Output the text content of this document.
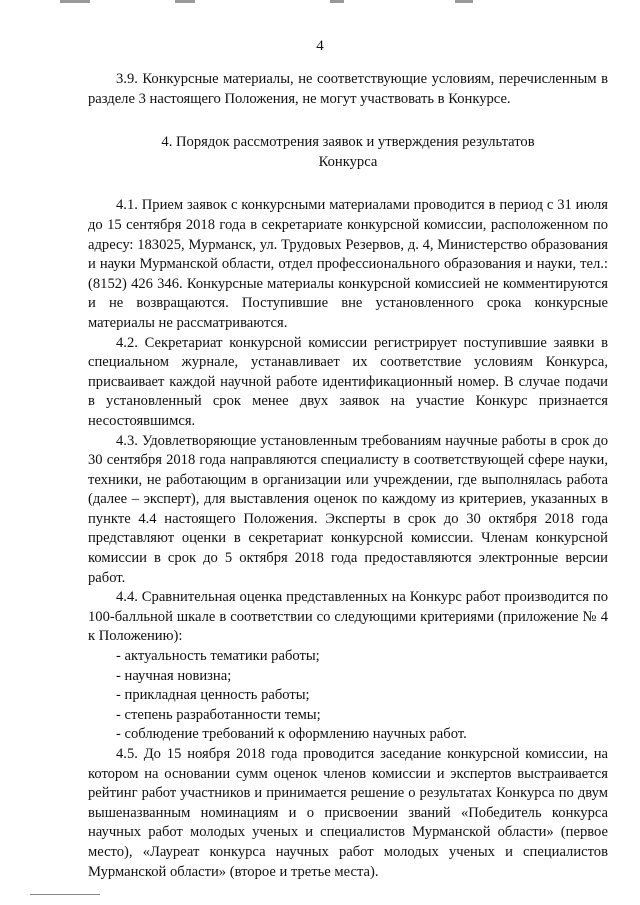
4

3.9. Конкурсные материалы, не соответствующие условиям, перечисленным в разделе 3 настоящего Положения, не могут участвовать в Конкурсе.

4. Порядок рассмотрения заявок и утверждения результатов
Конкурса

4.1. Прием заявок с конкурсными материалами проводится в период с 31 июля до 15 сентября 2018 года в секретариате конкурсной комиссии, расположенном по адресу: 183025, Мурманск, ул. Трудовых Резервов, д. 4, Министерство образования и науки Мурманской области, отдел профессионального образования и науки, тел.: (8152) 426 346. Конкурсные материалы конкурсной комиссией не комментируются и не возвращаются. Поступившие вне установленного срока конкурсные материалы не рассматриваются.

4.2. Секретариат конкурсной комиссии регистрирует поступившие заявки в специальном журнале, устанавливает их соответствие условиям Конкурса, присваивает каждой научной работе идентификационный номер. В случае подачи в установленный срок менее двух заявок на участие Конкурс признается несостоявшимся.

4.3. Удовлетворяющие установленным требованиям научные работы в срок до 30 сентября 2018 года направляются специалисту в соответствующей сфере науки, техники, не работающим в организации или учреждении, где выполнялась работа (далее – эксперт), для выставления оценок по каждому из критериев, указанных в пункте 4.4 настоящего Положения. Эксперты в срок до 30 октября 2018 года представляют оценки в секретариат конкурсной комиссии. Членам конкурсной комиссии в срок до 5 октября 2018 года предоставляются электронные версии работ.

4.4. Сравнительная оценка представленных на Конкурс работ производится по 100-балльной шкале в соответствии со следующими критериями (приложение № 4 к Положению):

- актуальность тематики работы;
- научная новизна;
- прикладная ценность работы;
- степень разработанности темы;
- соблюдение требований к оформлению научных работ.

4.5. До 15 ноября 2018 года проводится заседание конкурсной комиссии, на котором на основании сумм оценок членов комиссии и экспертов выстраивается рейтинг работ участников и принимается решение о результатах Конкурса по двум вышеназванным номинациям и о присвоении званий «Победитель конкурса научных работ молодых ученых и специалистов Мурманской области» (первое место), «Лауреат конкурса научных работ молодых ученых и специалистов Мурманской области» (второе и третье места).
